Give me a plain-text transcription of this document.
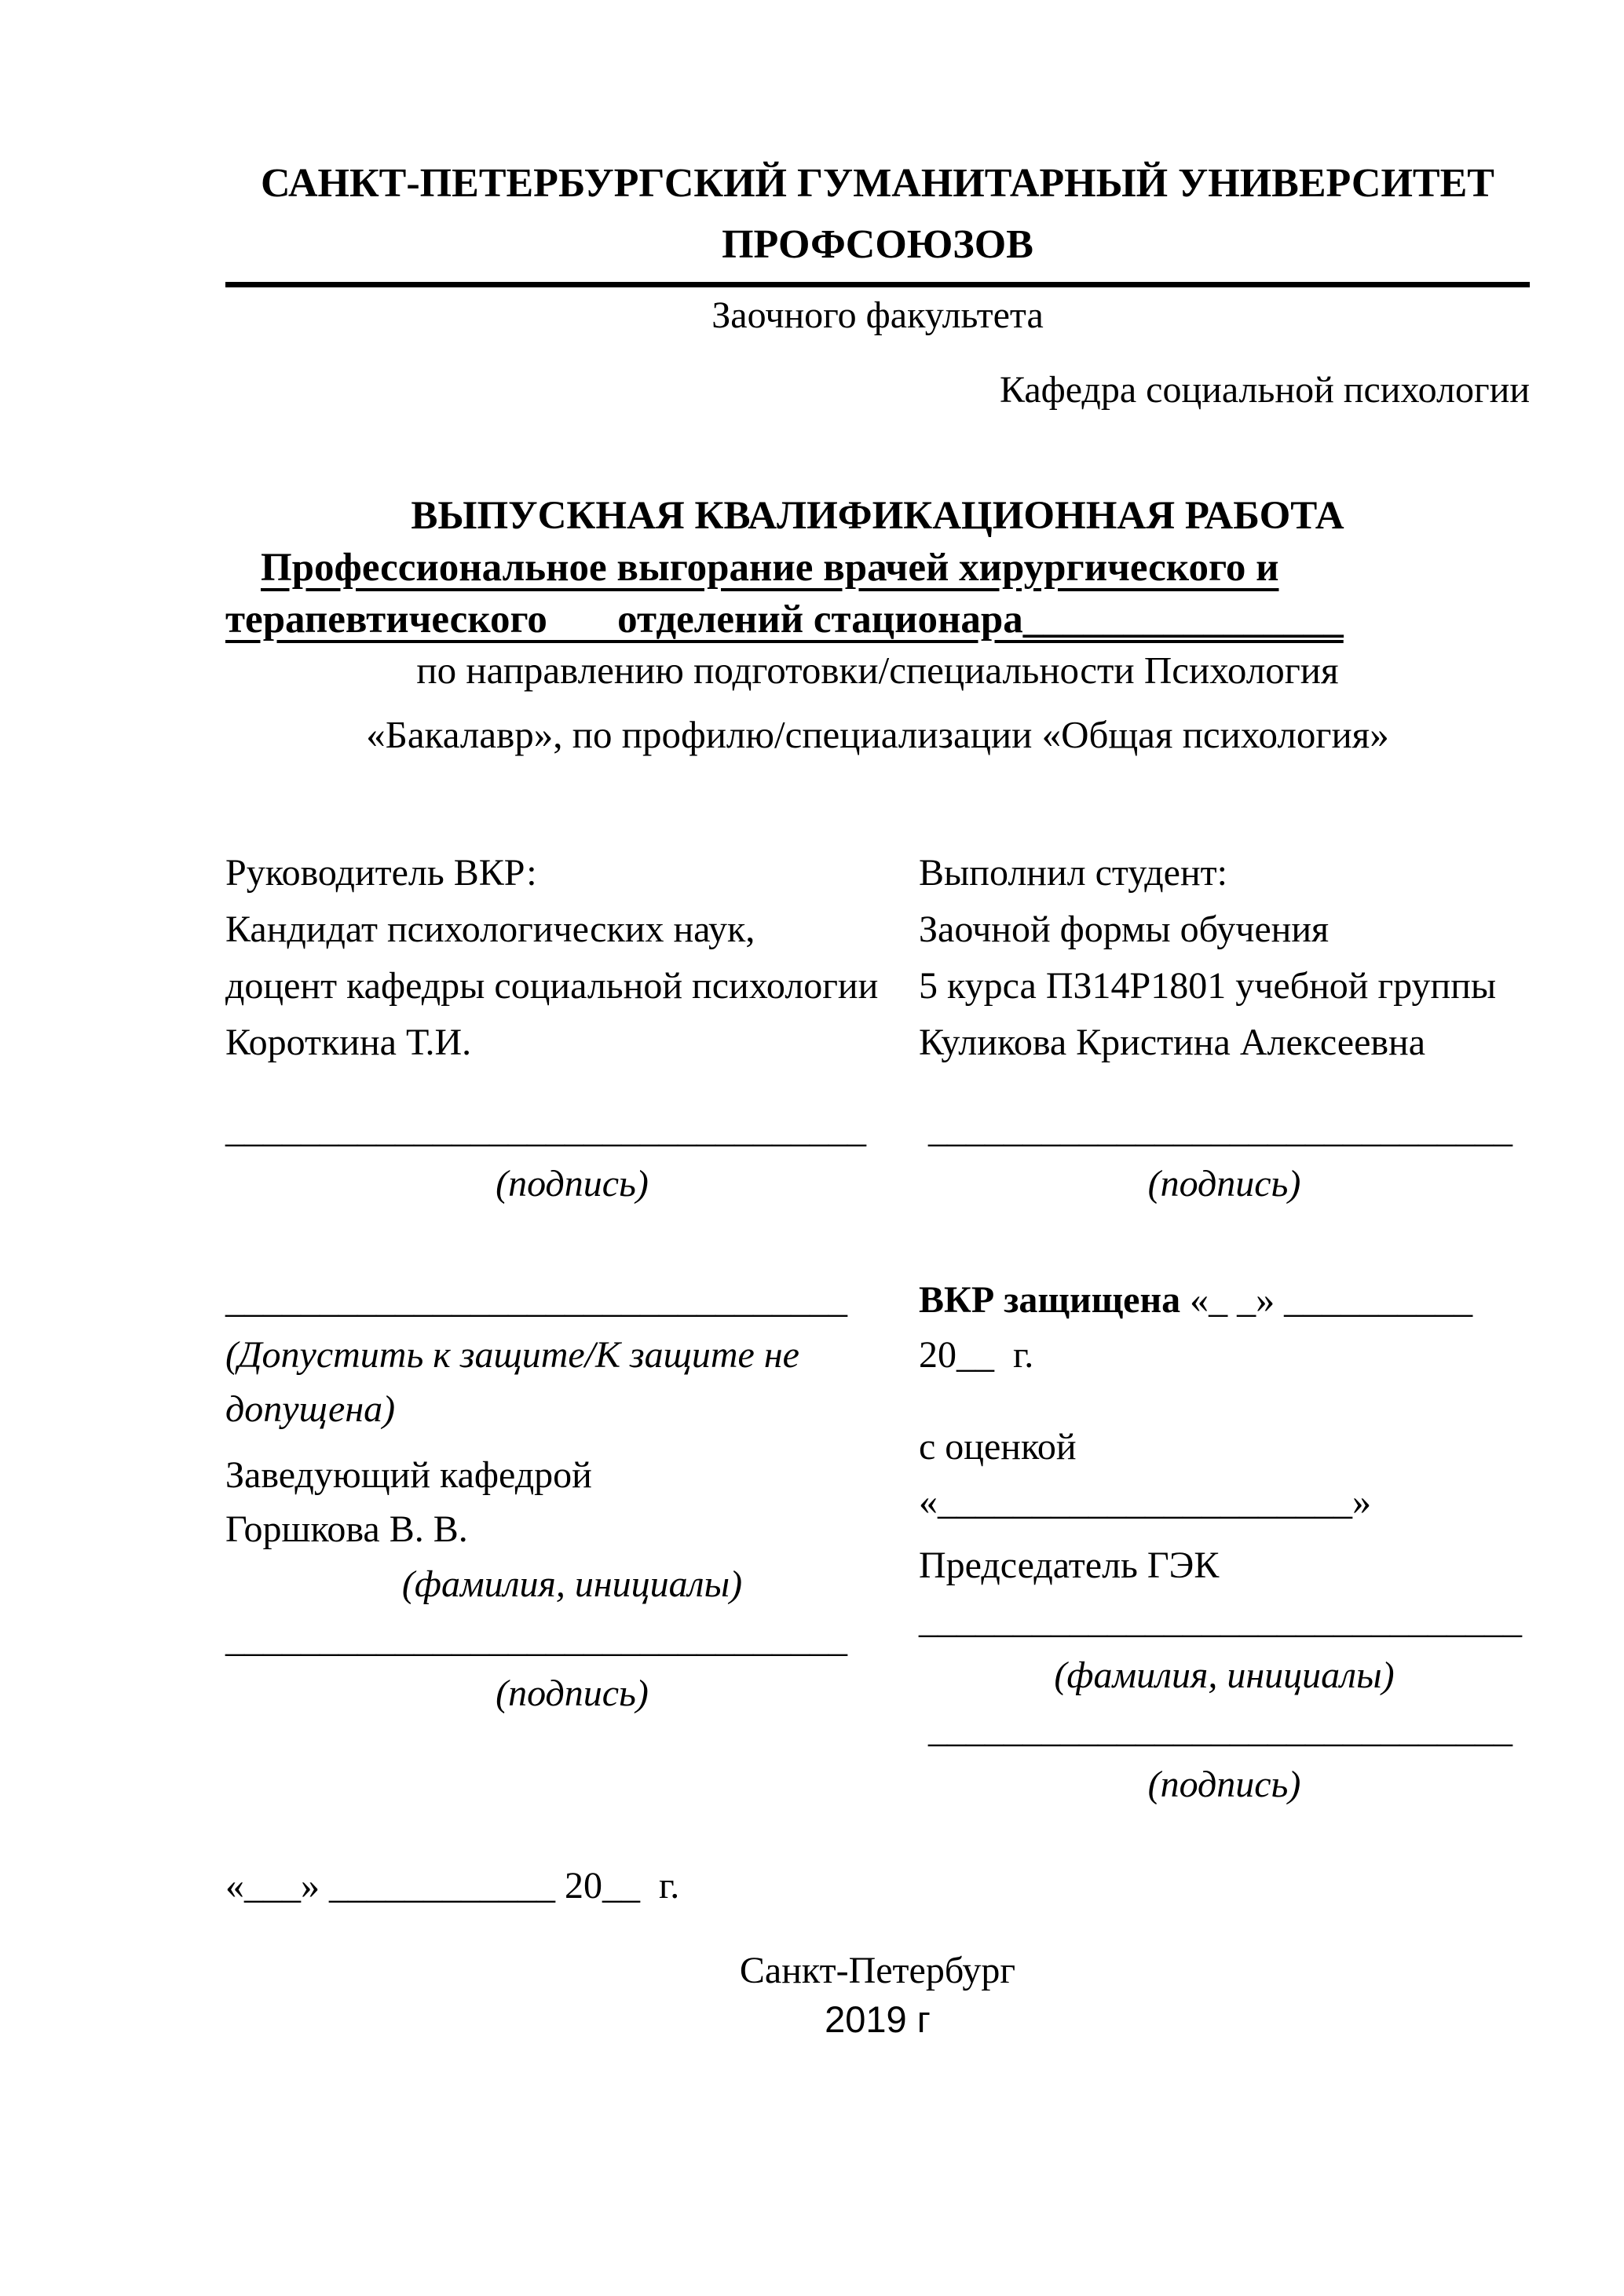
САНКТ-ПЕТЕРБУРГСКИЙ ГУМАНИТАРНЫЙ УНИВЕРСИТЕТ
ПРОФСОЮЗОВ
Заочного факультета
Кафедра социальной психологии
ВЫПУСКНАЯ КВАЛИФИКАЦИОННАЯ РАБОТА
Профессиональное выгорание врачей хирургического и
терапевтического       отделений стационара________________
по направлению подготовки/специальности Психология
«Бакалавр», по профилю/специализации «Общая психология»
Руководитель ВКР:
Кандидат психологических наук,
доцент кафедры социальной психологии
Короткина Т.И.
Выполнил студент:
Заочной формы обучения
5 курса ПЗ14Р1801 учебной группы
Куликова Кристина Алексеевна
__________________________________
(подпись)
_______________________________
(подпись)
_________________________________
(Допустить к защите/К защите не
допущена)
Заведующий кафедрой
Горшкова В. В.
(фамилия, инициалы)
_________________________________
(подпись)
ВКР защищена «_ _» __________ 20__  г.
с оценкой «______________________»
Председатель ГЭК
________________________________
(фамилия, инициалы)
_______________________________
(подпись)
«___» ____________ 20__  г.
Санкт-Петербург
2019 г
